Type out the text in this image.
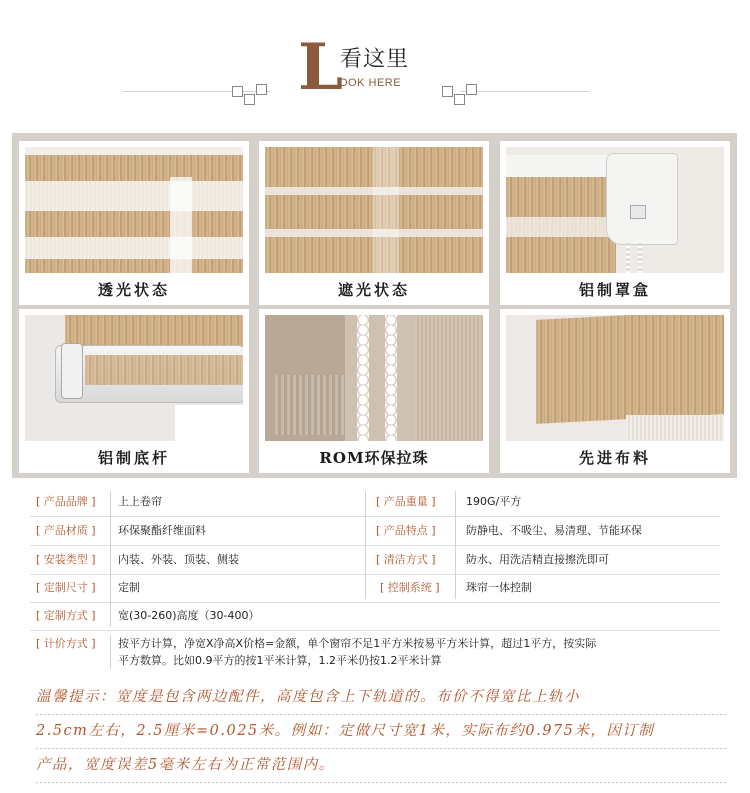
L
看这里
OOK HERE
透光状态	遮光状态	铝制罩盒
铝制底杆	ROM环保拉珠	先进布料
[ 产品品牌 ] 上上卷帘	[ 产品重量 ]	190G/平方
[ 产品材质 ] 环保聚酯纤维面料	[ 产品特点 ]	防静电、不吸尘、易清理、节能环保
[ 安装类型 ] 内装、外装、顶装、侧装	[ 清洁方式 ]	防水、用洗洁精直接擦洗即可
[ 定制尺寸 ] 定制	[ 控制系统 ] 珠帘一体控制
[ 定制方式 ] 宽(30-260)高度（30-400）
[ 计价方式 ] 按平方计算，净宽X净高X价格=金额，单个窗帘不足1平方米按易平方米计算，超过1平方，按实际
平方数算。比如0.9平方的按1平米计算，1.2平米仍按1.2平米计算
温馨提示：宽度是包含两边配件，高度包含上下轨道的。布价不得宽比上轨小
2.5cm左右，2.5厘米=0.025米。例如：定做尺寸宽1米，实际布约0.975米，因订制
产品，宽度误差5毫米左右为正常范围内。
